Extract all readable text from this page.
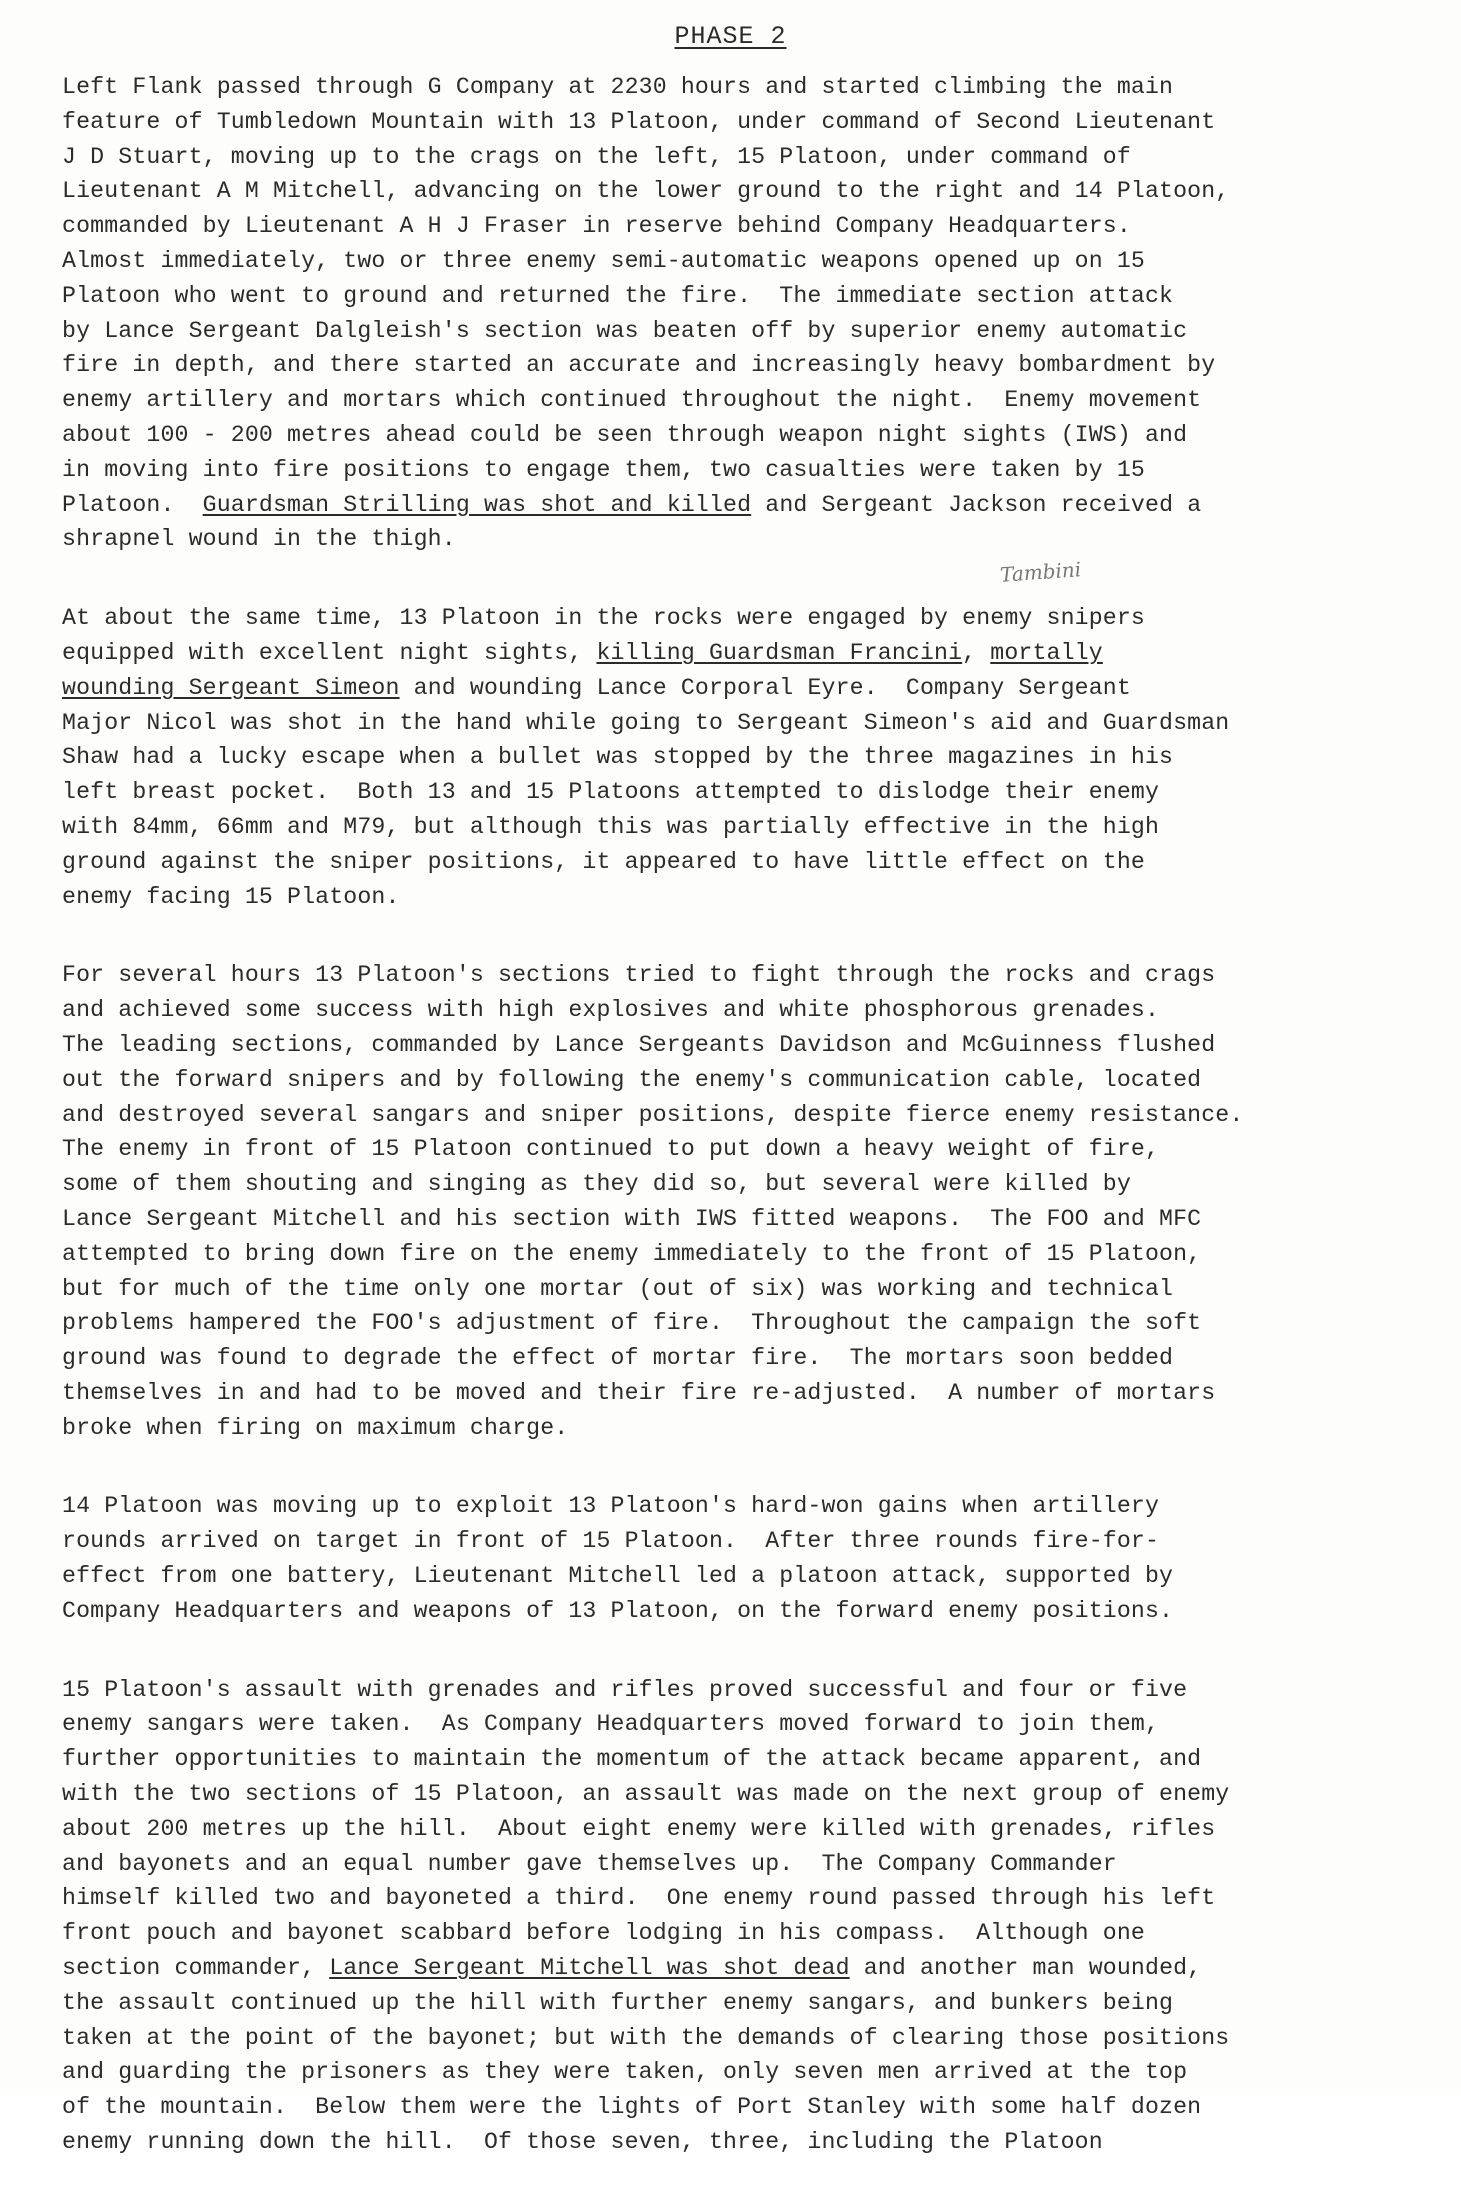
PHASE 2
Tambini
Left Flank passed through G Company at 2230 hours and started climbing the main
feature of Tumbledown Mountain with 13 Platoon, under command of Second Lieutenant
J D Stuart, moving up to the crags on the left, 15 Platoon, under command of
Lieutenant A M Mitchell, advancing on the lower ground to the right and 14 Platoon,
commanded by Lieutenant A H J Fraser in reserve behind Company Headquarters.
Almost immediately, two or three enemy semi-automatic weapons opened up on 15
Platoon who went to ground and returned the fire.  The immediate section attack
by Lance Sergeant Dalgleish's section was beaten off by superior enemy automatic
fire in depth, and there started an accurate and increasingly heavy bombardment by
enemy artillery and mortars which continued throughout the night.  Enemy movement
about 100 - 200 metres ahead could be seen through weapon night sights (IWS) and
in moving into fire positions to engage them, two casualties were taken by 15
Platoon.  Guardsman Strilling was shot and killed and Sergeant Jackson received a
shrapnel wound in the thigh.
At about the same time, 13 Platoon in the rocks were engaged by enemy snipers
equipped with excellent night sights, killing Guardsman Francini, mortally
wounding Sergeant Simeon and wounding Lance Corporal Eyre.  Company Sergeant
Major Nicol was shot in the hand while going to Sergeant Simeon's aid and Guardsman
Shaw had a lucky escape when a bullet was stopped by the three magazines in his
left breast pocket.  Both 13 and 15 Platoons attempted to dislodge their enemy
with 84mm, 66mm and M79, but although this was partially effective in the high
ground against the sniper positions, it appeared to have little effect on the
enemy facing 15 Platoon.
For several hours 13 Platoon's sections tried to fight through the rocks and crags
and achieved some success with high explosives and white phosphorous grenades.
The leading sections, commanded by Lance Sergeants Davidson and McGuinness flushed
out the forward snipers and by following the enemy's communication cable, located
and destroyed several sangars and sniper positions, despite fierce enemy resistance.
The enemy in front of 15 Platoon continued to put down a heavy weight of fire,
some of them shouting and singing as they did so, but several were killed by
Lance Sergeant Mitchell and his section with IWS fitted weapons.  The FOO and MFC
attempted to bring down fire on the enemy immediately to the front of 15 Platoon,
but for much of the time only one mortar (out of six) was working and technical
problems hampered the FOO's adjustment of fire.  Throughout the campaign the soft
ground was found to degrade the effect of mortar fire.  The mortars soon bedded
themselves in and had to be moved and their fire re-adjusted.  A number of mortars
broke when firing on maximum charge.
14 Platoon was moving up to exploit 13 Platoon's hard-won gains when artillery
rounds arrived on target in front of 15 Platoon.  After three rounds fire-for-
effect from one battery, Lieutenant Mitchell led a platoon attack, supported by
Company Headquarters and weapons of 13 Platoon, on the forward enemy positions.
15 Platoon's assault with grenades and rifles proved successful and four or five
enemy sangars were taken.  As Company Headquarters moved forward to join them,
further opportunities to maintain the momentum of the attack became apparent, and
with the two sections of 15 Platoon, an assault was made on the next group of enemy
about 200 metres up the hill.  About eight enemy were killed with grenades, rifles
and bayonets and an equal number gave themselves up.  The Company Commander
himself killed two and bayoneted a third.  One enemy round passed through his left
front pouch and bayonet scabbard before lodging in his compass.  Although one
section commander, Lance Sergeant Mitchell was shot dead and another man wounded,
the assault continued up the hill with further enemy sangars, and bunkers being
taken at the point of the bayonet; but with the demands of clearing those positions
and guarding the prisoners as they were taken, only seven men arrived at the top
of the mountain.  Below them were the lights of Port Stanley with some half dozen
enemy running down the hill.  Of those seven, three, including the Platoon
